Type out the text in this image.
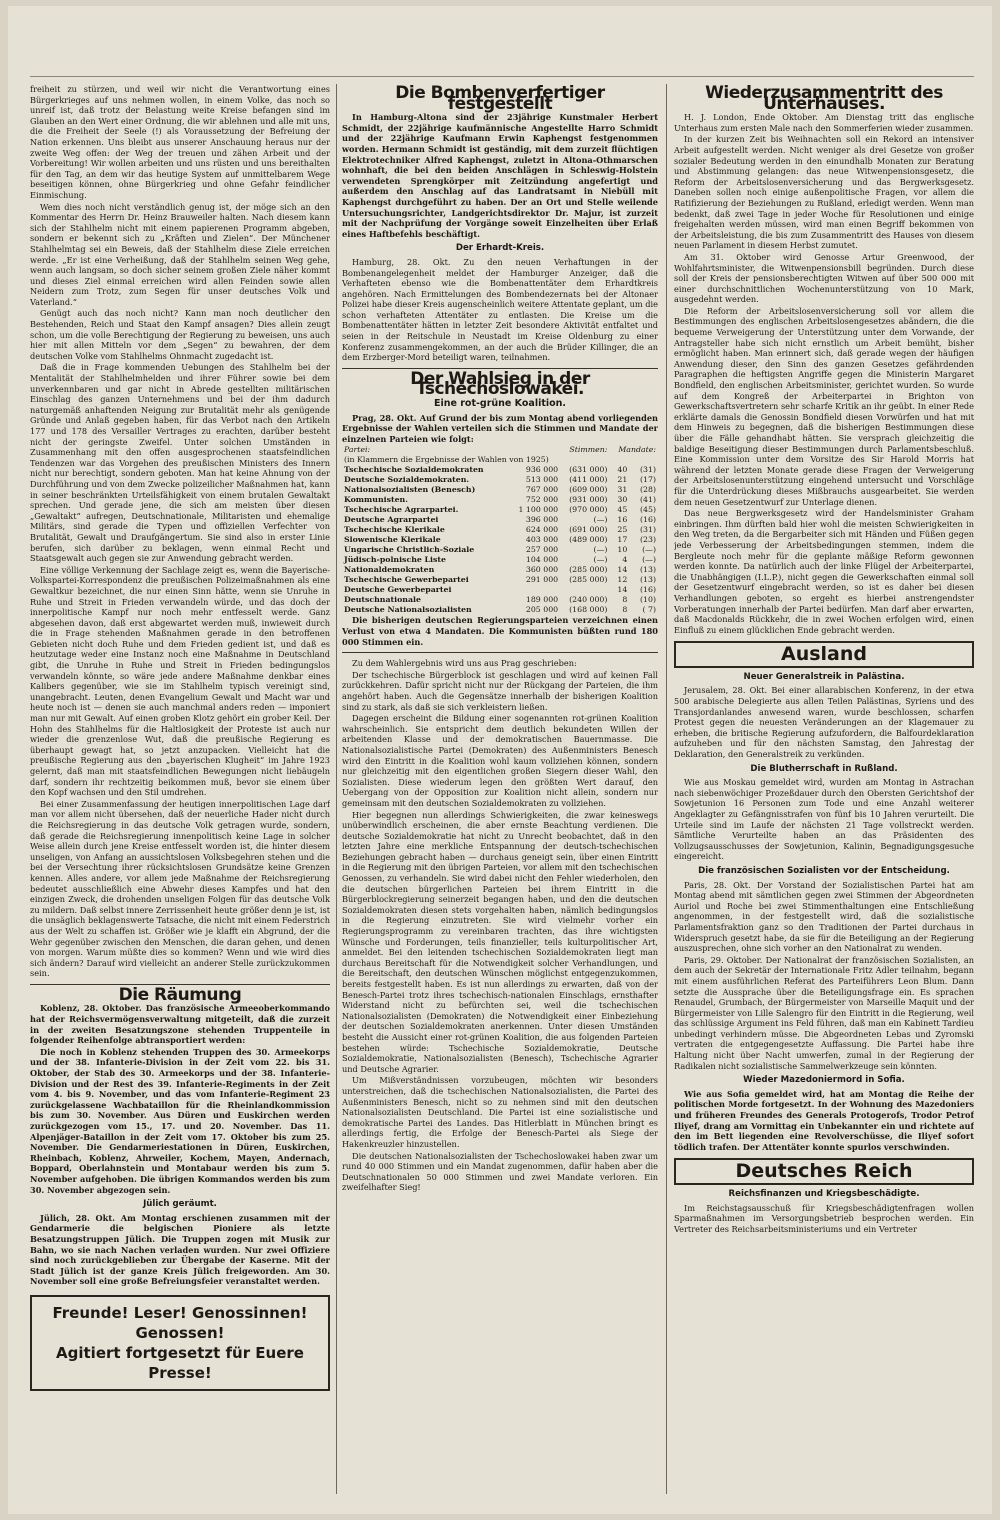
freiheit zu stürzen, und weil wir nicht die Verantwortung eines Bürgerkrieges auf uns nehmen wollen, in einem Volke, das noch so unreif ist, daß trotz der Belastung weite Kreise befangen sind im Glauben an den Wert einer Ordnung, die wir ablehnen und alle mit uns, die die Freiheit der Seele (!) als Voraussetzung der Befreiung der Nation erkennen. Uns bleibt aus unserer Anschauung heraus nur der zweite Weg offen: der Weg der treuen und zähen Arbeit und der Vorbereitung! Wir wollen arbeiten und uns rüsten und uns bereithalten für den Tag, an dem wir das heutige System auf unmittelbarem Wege beseitigen können, ohne Bürgerkrieg und ohne Gefahr feindlicher Einmischung.

Wem dies noch nicht verständlich genug ist, der möge sich an den Kommentar des Herrn Dr. Heinz Brauweiler halten. Nach diesem kann sich der Stahlhelm nicht mit einem papierenen Programm abgeben, sondern er bekennt sich zu „Kräften und Zielen“. Der Münchener Stahlhelmtag sei ein Beweis, daß der Stahlhelm diese Ziele erreichen werde. „Er ist eine Verheißung, daß der Stahlhelm seinen Weg gehe, wenn auch langsam, so doch sicher seinem großen Ziele näher kommt und dieses Ziel einmal erreichen wird allen Feinden sowie allen Neidern zum Trotz, zum Segen für unser deutsches Volk und Vaterland.“

Genügt auch das noch nicht? Kann man noch deutlicher den Bestehenden, Reich und Staat den Kampf ansagen? Dies allein zeugt schon, um die volle Berechtigung der Regierung zu beweisen, uns auch hier mit allen Mitteln vor dem „Segen“ zu bewahren, der dem deutschen Volke vom Stahlhelms Ohnmacht zugedacht ist.

Daß die in Frage kommenden Uebungen des Stahlhelm bei der Mentalität der Stahlhelmhelden und ihrer Führer sowie bei dem unverkennbaren und gar nicht in Abrede gestellten militärischen Einschlag des ganzen Unternehmens und bei der ihm dadurch naturgemäß anhaftenden Neigung zur Brutalität mehr als genügende Gründe und Anlaß gegeben haben, für das Verbot nach den Artikeln 177 und 178 des Versailler Vertrages zu erachten, darüber besteht nicht der geringste Zweifel. Unter solchen Umständen in Zusammenhang mit den offen ausgesprochenen staatsfeindlichen Tendenzen war das Vorgehen des preußischen Ministers des Innern nicht nur berechtigt, sondern geboten. Man hat keine Ahnung von der Durchführung und von dem Zwecke polizeilicher Maßnahmen hat, kann in seiner beschränkten Urteilsfähigkeit von einem brutalen Gewaltakt sprechen. Und gerade jene, die sich am meisten über diesen „Gewaltakt“ aufregen, Deutschnationale, Militaristen und ehemalige Militärs, sind gerade die Typen und offiziellen Verfechter von Brutalität, Gewalt und Draufgängertum. Sie sind also in erster Linie berufen, sich darüber zu beklagen, wenn einmal Recht und Staatsgewalt auch gegen sie zur Anwendung gebracht werden.

Eine völlige Verkennung der Sachlage zeigt es, wenn die Bayerische-Volkspartei-Korrespondenz die preußischen Polizeimaßnahmen als eine Gewaltkur bezeichnet, die nur einen Sinn hätte, wenn sie Unruhe in Ruhe und Streit in Frieden verwandeln würde, und das doch der innerpolitische Kampf nur noch mehr entfesselt werde. Ganz abgesehen davon, daß erst abgewartet werden muß, inwieweit durch die in Frage stehenden Maßnahmen gerade in den betroffenen Gebieten nicht doch Ruhe und dem Frieden gedient ist, und daß es heutzutage weder eine Instanz noch eine Maßnahme in Deutschland gibt, die Unruhe in Ruhe und Streit in Frieden bedingungslos verwandeln könnte, so wäre jede andere Maßnahme denkbar eines Kalibers gegenüber, wie sie im Stahlhelm typisch vereinigt sind, unangebracht. Leuten, denen Evangelium Gewalt und Macht war und heute noch ist — denen sie auch manchmal anders reden — imponiert man nur mit Gewalt. Auf einen groben Klotz gehört ein grober Keil. Der Hohn des Stahlhelms für die Haltlosigkeit der Proteste ist auch nur wieder die grenzenlose Wut, daß die preußische Regierung es überhaupt gewagt hat, so jetzt anzupacken. Vielleicht hat die preußische Regierung aus den „bayerischen Klugheit“ im Jahre 1923 gelernt, daß man mit staatsfeindlichen Bewegungen nicht liebäugeln darf, sondern ihr rechtzeitig beikommen muß, bevor sie einem über den Kopf wachsen und den Stil umdrehen.

Bei einer Zusammenfassung der heutigen innerpolitischen Lage darf man vor allem nicht übersehen, daß der neuerliche Hader nicht durch die Reichsregierung in das deutsche Volk getragen wurde, sondern, daß gerade die Reichsregierung innenpolitisch keine Lage in solcher Weise allein durch jene Kreise entfesselt worden ist, die hinter diesem unseligen, von Anfang an aussichtslosen Volksbegehren stehen und die bei der Versechtung ihrer rücksichtslosen Grundsätze keine Grenzen kennen. Alles andere, vor allem jede Maßnahme der Reichsregierung bedeutet ausschließlich eine Abwehr dieses Kampfes und hat den einzigen Zweck, die drohenden unseligen Folgen für das deutsche Volk zu mildern. Daß selbst innere Zerrissenheit heute größer denn je ist, ist die unsäglich beklagenswerte Tatsache, die nicht mit einem Federstrich aus der Welt zu schaffen ist. Größer wie je klafft ein Abgrund, der die Wehr gegenüber zwischen den Menschen, die daran gehen, und denen von morgen. Warum müßte dies so kommen? Wenn und wie wird dies sich ändern? Darauf wird vielleicht an anderer Stelle zurückzukommen sein.

Die Räumung

Koblenz, 28. Oktober. Das französische Armeeoberkommando hat der Reichsvermögensverwaltung mitgeteilt, daß die zurzeit in der zweiten Besatzungszone stehenden Truppenteile in folgender Reihenfolge abtransportiert werden:

Die noch in Koblenz stehenden Truppen des 30. Armeekorps und der 38. Infanterie-Division in der Zeit vom 22. bis 31. Oktober, der Stab des 30. Armeekorps und der 38. Infanterie-Division und der Rest des 39. Infanterie-Regiments in der Zeit vom 4. bis 9. November, und das vom Infanterie-Regiment 23 zurückgelassene Wachbataillon für die Rheinlandkommission bis zum 30. November. Aus Düren und Euskirchen werden zurückgezogen vom 15., 17. und 20. November. Das 11. Alpenjäger-Bataillon in der Zeit vom 17. Oktober bis zum 25. November. Die Gendarmeriestationen in Düren, Euskirchen, Rheinbach, Koblenz, Ahrweiler, Kochem, Mayen, Andernach, Boppard, Oberlahnstein und Montabaur werden bis zum 5. November aufgehoben. Die übrigen Kommandos werden bis zum 30. November abgezogen sein.

Jülich geräumt.

Jülich, 28. Okt. Am Montag erschienen zusammen mit der Gendarmerie die belgischen Pioniere als letzte Besatzungstruppen Jülich. Die Truppen zogen mit Musik zur Bahn, wo sie nach Nachen verladen wurden. Nur zwei Offiziere sind noch zurückgeblieben zur Übergabe der Kaserne. Mit der Stadt Jülich ist der ganze Kreis Jülich freigeworden. Am 30. November soll eine große Befreiungsfeier veranstaltet werden.

Freunde! Leser! Genossinnen! Genossen!
Agitiert fortgesetzt für Euere Presse!
Die Bombenverfertiger festgestellt

In Hamburg-Altona sind der 23jährige Kunstmaler Herbert Schmidt, der 22jährige kaufmännische Angestellte Harro Schmidt und der 22jährige Kaufmann Erwin Kaphengst festgenommen worden. Hermann Schmidt ist geständig, mit dem zurzeit flüchtigen Elektrotechniker Alfred Kaphengst, zuletzt in Altona-Othmarschen wohnhaft, die bei den beiden Anschlägen in Schleswig-Holstein verwendeten Sprengkörper mit Zeitzündung angefertigt und außerdem den Anschlag auf das Landratsamt in Niebüll mit Kaphengst durchgeführt zu haben. Der an Ort und Stelle weilende Untersuchungsrichter, Landgerichtsdirektor Dr. Majur, ist zurzeit mit der Nachprüfung der Vorgänge soweit Einzelheiten über Erlaß eines Haftbefehls beschäftigt.

Der Erhardt-Kreis.

Hamburg, 28. Okt. Zu den neuen Verhaftungen in der Bombenangelegenheit meldet der Hamburger Anzeiger, daß die Verhafteten ebenso wie die Bombenattentäter dem Erhardtkreis angehören. Nach Ermittelungen des Bombendezernats bei der Altonaer Polizei habe dieser Kreis augenscheinlich weitere Attentate geplant, um die schon verhafteten Attentäter zu entlasten. Die Kreise um die Bombenattentäter hätten in letzter Zeit besondere Aktivität entfaltet und seien in der Reitschule in Neustadt im Kreise Oldenburg zu einer Konferenz zusammengekommen, an der auch die Brüder Killinger, die an dem Erzberger-Mord beteiligt waren, teilnahmen.

Der Wahlsieg in der Tschechoslowakei.
Eine rot-grüne Koalition.

Prag, 28. Okt. Auf Grund der bis zum Montag abend vorliegenden Ergebnisse der Wahlen verteilen sich die Stimmen und Mandate der einzelnen Parteien wie folgt:

Partei:	Stimmen:		Mandate:	
(in Klammern die Ergebnisse der Wahlen von 1925)				
Tschechische Sozialdemokraten	936 000	(631 000)	40	(31)
Deutsche Sozialdemokraten.	513 000	(411 000)	21	(17)
Nationalsozialisten (Benesch)	767 000	(609 000)	31	(28)
Kommunisten.	752 000	(931 000)	30	(41)
Tschechische Agrarpartei.	1 100 000	(970 000)	45	(45)
Deutsche Agrarpartei	396 000	(—)	16	(16)
Tschechische Klerikale	624 000	(691 000)	25	(31)
Slowenische Klerikale	403 000	(489 000)	17	(23)
Ungarische Christlich-Soziale	257 000	(—)	10	(—)
Jüdisch-polnische Liste	104 000	(—)	4	(—)
Nationaldemokraten	360 000	(285 000)	14	(13)
Tschechische Gewerbepartei	291 000	(285 000)	12	(13)
Deutsche Gewerbepartei			14	(16)
Deutschnationale	189 000	(240 000)	8	(10)
Deutsche Nationalsozialisten	205 000	(168 000)	8	( 7)

Die bisherigen deutschen Regierungsparteien verzeichnen einen Verlust von etwa 4 Mandaten. Die Kommunisten büßten rund 180 000 Stimmen ein.

Zu dem Wahlergebnis wird uns aus Prag geschrieben:

Der tschechische Bürgerblock ist geschlagen und wird auf keinen Fall zurückkehren. Dafür spricht nicht nur der Rückgang der Parteien, die ihm angehört haben. Auch die Gegensätze innerhalb der bisherigen Koalition sind zu stark, als daß sie sich verkleistern ließen.

Dagegen erscheint die Bildung einer sogenannten rot-grünen Koalition wahrscheinlich. Sie entspricht dem deutlich bekundeten Willen der arbeitenden Klasse und der demokratischen Bauernmasse. Die Nationalsozialistische Partei (Demokraten) des Außenministers Benesch wird den Eintritt in die Koalition wohl kaum vollziehen können, sondern nur gleichzeitig mit den eigentlichen großen Siegern dieser Wahl, den Sozialisten. Diese wiederum legen den größten Wert darauf, den Uebergang von der Opposition zur Koalition nicht allein, sondern nur gemeinsam mit den deutschen Sozialdemokraten zu vollziehen.

Hier begegnen nun allerdings Schwierigkeiten, die zwar keineswegs unüberwindlich erscheinen, die aber ernste Beachtung verdienen. Die deutsche Sozialdemokratie hat nicht zu Unrecht beobachtet, daß in den letzten Jahre eine merkliche Entspannung der deutsch-tschechischen Beziehungen gebracht haben — durchaus geneigt sein, über einen Eintritt in die Regierung mit den übrigen Parteien, vor allem mit den tschechischen Genossen, zu verhandeln. Sie wird dabei nicht den Fehler wiederholen, den die deutschen bürgerlichen Parteien bei ihrem Eintritt in die Bürgerblockregierung seinerzeit begangen haben, und den die deutschen Sozialdemokraten diesen stets vorgehalten haben, nämlich bedingungslos in die Regierung einzutreten. Sie wird vielmehr vorher ein Regierungsprogramm zu vereinbaren trachten, das ihre wichtigsten Wünsche und Forderungen, teils finanzieller, teils kulturpolitischer Art, anmeldet. Bei den leitenden tschechischen Sozialdemokraten liegt man durchaus Bereitschaft für die Notwendigkeit solcher Verhandlungen, und die Bereitschaft, den deutschen Wünschen möglichst entgegenzukommen, bereits festgestellt haben. Es ist nun allerdings zu erwarten, daß von der Benesch-Partei trotz ihres tschechisch-nationalen Einschlags, ernsthafter Widerstand nicht zu befürchten sei, weil die tschechischen Nationalsozialisten (Demokraten) die Notwendigkeit einer Einbeziehung der deutschen Sozialdemokraten anerkennen. Unter diesen Umständen besteht die Aussicht einer rot-grünen Koalition, die aus folgenden Parteien bestehen würde: Tschechische Sozialdemokratie, Deutsche Sozialdemokratie, Nationalsozialisten (Benesch), Tschechische Agrarier und Deutsche Agrarier.

Um Mißverständnissen vorzubeugen, möchten wir besonders unterstreichen, daß die tschechischen Nationalsozialisten, die Partei des Außenministers Benesch, nicht so zu nehmen sind mit den deutschen Nationalsozialisten Deutschland. Die Partei ist eine sozialistische und demokratische Partei des Landes. Das Hitlerblatt in München bringt es allerdings fertig, die Erfolge der Benesch-Partei als Siege der Hakenkreuzler hinzustellen.

Die deutschen Nationalsozialisten der Tschechoslowakei haben zwar um rund 40 000 Stimmen und ein Mandat zugenommen, dafür haben aber die Deutschnationalen 50 000 Stimmen und zwei Mandate verloren. Ein zweifelhafter Sieg!

Wiederzusammentritt des Unterhauses.

H. J. London, Ende Oktober. Am Dienstag tritt das englische Unterhaus zum ersten Male nach den Sommerferien wieder zusammen.

In der kurzen Zeit bis Weihnachten soll ein Rekord an intensiver Arbeit aufgestellt werden. Nicht weniger als drei Gesetze von großer sozialer Bedeutung werden in den einundhalb Monaten zur Beratung und Abstimmung gelangen: das neue Witwenpensionsgesetz, die Reform der Arbeitslosenversicherung und das Bergwerksgesetz. Daneben sollen noch einige außenpolitische Fragen, vor allem die Ratifizierung der Beziehungen zu Rußland, erledigt werden. Wenn man bedenkt, daß zwei Tage in jeder Woche für Resolutionen und einige freigehalten werden müssen, wird man einen Begriff bekommen von der Arbeitsleistung, die bis zum Zusammentritt des Hauses von diesem neuen Parlament in diesem Herbst zumutet.

Am 31. Oktober wird Genosse Artur Greenwood, der Wohlfahrtsminister, die Witwenpensionsbill begründen. Durch diese soll der Kreis der pensionsberechtigten Witwen auf über 500 000 mit einer durchschnittlichen Wochenunterstützung von 10 Mark, ausgedehnt werden.

Die Reform der Arbeitslosenversicherung soll vor allem die Bestimmungen des englischen Arbeitslosengesetzes abändern, die die bequeme Verweigerung der Unterstützung unter dem Vorwande, der Antragsteller habe sich nicht ernstlich um Arbeit bemüht, bisher ermöglicht haben. Man erinnert sich, daß gerade wegen der häufigen Anwendung dieser, den Sinn des ganzen Gesetzes gefährdenden Paragraphen die heftigsten Angriffe gegen die Ministerin Margaret Bondfield, den englischen Arbeitsminister, gerichtet wurden. So wurde auf dem Kongreß der Arbeiterpartei in Brighton von Gewerkschaftsvertretern sehr scharfe Kritik an ihr geübt. In einer Rede erklärte damals die Genossin Bondfield diesen Vorwürfen und hat mit dem Hinweis zu begegnen, daß die bisherigen Bestimmungen diese über die Fälle gehandhabt hätten. Sie versprach gleichzeitig die baldige Beseitigung dieser Bestimmungen durch Parlamentsbeschluß. Eine Kommission unter dem Vorsitze des Sir Harold Morris hat während der letzten Monate gerade diese Fragen der Verweigerung der Arbeitslosenunterstützung eingehend untersucht und Vorschläge für die Unterdrückung dieses Mißbrauchs ausgearbeitet. Sie werden dem neuen Gesetzentwurf zur Unterlage dienen.

Das neue Bergwerksgesetz wird der Handelsminister Graham einbringen. Ihm dürften bald hier wohl die meisten Schwierigkeiten in den Weg treten, da die Bergarbeiter sich mit Händen und Füßen gegen jede Verbesserung der Arbeitsbedingungen stemmen, indem die Bergleute noch mehr für die geplante mäßige Reform gewonnen werden konnte. Da natürlich auch der linke Flügel der Arbeiterpartei, die Unabhängigen (I.L.P.), nicht gegen die Gewerkschaften einmal soll der Gesetzentwurf eingebracht werden, so ist es daher bei diesen Verhandlungen geboten, so ergeht es hierbei anstrengendster Vorberatungen innerhalb der Partei bedürfen. Man darf aber erwarten, daß Macdonalds Rückkehr, die in zwei Wochen erfolgen wird, einen Einfluß zu einem glücklichen Ende gebracht werden.

Ausland
Neuer Generalstreik in Palästina.

Jerusalem, 28. Okt. Bei einer allarabischen Konferenz, in der etwa 500 arabische Delegierte aus allen Teilen Palästinas, Syriens und des Transjordanlandes anwesend waren, wurde beschlossen, scharfen Protest gegen die neuesten Veränderungen an der Klagemauer zu erheben, die britische Regierung aufzufordern, die Balfourdeklaration aufzuheben und für den nächsten Samstag, den Jahrestag der Deklaration, den Generalstreik zu verkünden.

Die Blutherrschaft in Rußland.

Wie aus Moskau gemeldet wird, wurden am Montag in Astrachan nach siebenwöchiger Prozeßdauer durch den Obersten Gerichtshof der Sowjetunion 16 Personen zum Tode und eine Anzahl weiterer Angeklagter zu Gefängnisstrafen von fünf bis 10 Jahren verurteilt. Die Urteile sind im Laufe der nächsten 21 Tage vollstreckt werden. Sämtliche Verurteilte haben an das Präsidenten des Vollzugsausschusses der Sowjetunion, Kalinin, Begnadigungsgesuche eingereicht.

Die französischen Sozialisten vor der Entscheidung.

Paris, 28. Okt. Der Vorstand der Sozialistischen Partei hat am Montag abend mit sämtlichen gegen zwei Stimmen der Abgeordneten Auriol und Roche bei zwei Stimmenthaltungen eine Entschließung angenommen, in der festgestellt wird, daß die sozialistische Parlamentsfraktion ganz so den Traditionen der Partei durchaus in Widerspruch gesetzt habe, da sie für die Beteiligung an der Regierung auszusprechen, ohne sich vorher an den Nationalrat zu wenden.

Paris, 29. Oktober. Der Nationalrat der französischen Sozialisten, an dem auch der Sekretär der Internationale Fritz Adler teilnahm, begann mit einem ausführlichen Referat des Parteiführers Leon Blum. Dann setzte die Aussprache über die Beteiligungsfrage ein. Es sprachen Renaudel, Grumbach, der Bürgermeister von Marseille Maquit und der Bürgermeister von Lille Salengro für den Eintritt in die Regierung, weil das schlüssige Argument ins Feld führen, daß man ein Kabinett Tardieu unbedingt verhindern müsse. Die Abgeordneten Lebas und Zyromski vertraten die entgegengesetzte Auffassung. Die Partei habe ihre Haltung nicht über Nacht umwerfen, zumal in der Regierung der Radikalen nicht sozialistische Sammelwerkzeuge sein könnten.

Wieder Mazedoniermord in Sofia.

Wie aus Sofia gemeldet wird, hat am Montag die Reihe der politischen Morde fortgesetzt. In der Wohnung des Mazedoniers und früheren Freundes des Generals Protogerofs, Trodor Petrof Iliyef, drang am Vormittag ein Unbekannter ein und richtete auf den im Bett liegenden eine Revolverschüsse, die Iliyef sofort tödlich trafen. Der Attentäter konnte spurlos verschwinden.

Deutsches Reich
Reichsfinanzen und Kriegsbeschädigte.

Im Reichstagsausschuß für Kriegsbeschädigtenfragen wollen Sparmaßnahmen im Versorgungsbetrieb besprochen werden. Ein Vertreter des Reichsarbeitsministeriums und ein Vertreter
